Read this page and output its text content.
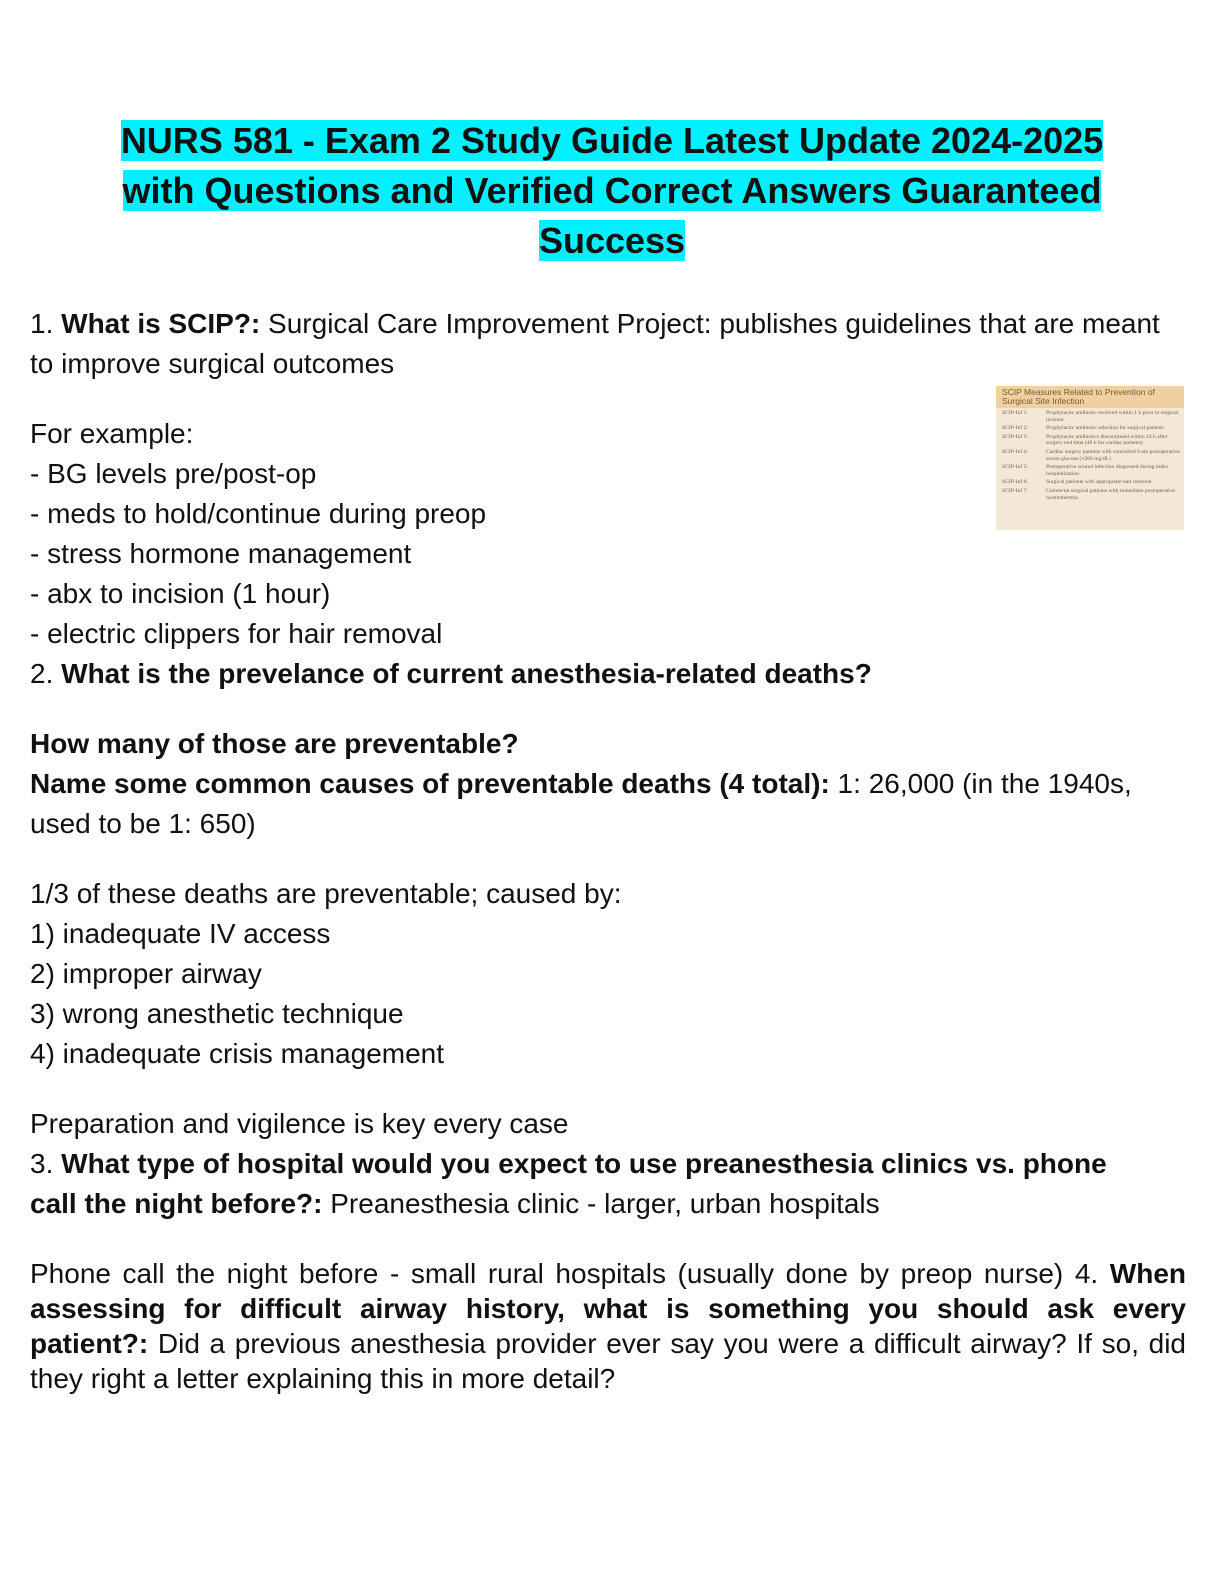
NURS 581 - Exam 2 Study Guide Latest Update 2024-2025
with Questions and Verified Correct Answers Guaranteed
Success

1. What is SCIP?: Surgical Care Improvement Project: publishes guidelines that are meant to improve surgical outcomes

For example:

- BG levels pre/post-op

- meds to hold/continue during preop

- stress hormone management

- abx to incision (1 hour)

- electric clippers for hair removal

2. What is the prevelance of current anesthesia-related deaths?

How many of those are preventable?

Name some common causes of preventable deaths (4 total): 1: 26,000 (in the 1940s, used to be 1: 650)

1/3 of these deaths are preventable; caused by:

1) inadequate IV access

2) improper airway

3) wrong anesthetic technique

4) inadequate crisis management

Preparation and vigilence is key every case

3. What type of hospital would you expect to use preanesthesia clinics vs. phone call the night before?: Preanesthesia clinic - larger, urban hospitals

Phone call the night before - small rural hospitals (usually done by preop nurse) 4. When assessing for difficult airway history, what is something you should ask every patient?: Did a previous anesthesia provider ever say you were a difficult airway? If so, did they right a letter explaining this in more detail?

SCIP Measures Related to Prevention of Surgical Site Infection
SCIP-Inf 1:	Prophylactic antibiotic received within 1 h prior to surgical incision
SCIP-Inf 2:	Prophylactic antibiotic selection for surgical patients
SCIP-Inf 3:	Prophylactic antibiotics discontinued within 24 h after surgery end time (48 h for cardiac patients)
SCIP-Inf 4:	Cardiac surgery patients with controlled 6 am postoperative serum glucose (≤200 mg/dL)
SCIP-Inf 5:	Postoperative wound infection diagnosed during index hospitalization
SCIP-Inf 6:	Surgical patients with appropriate hair removal
SCIP-Inf 7:	Colorectal surgical patients with immediate postoperative normothermia
